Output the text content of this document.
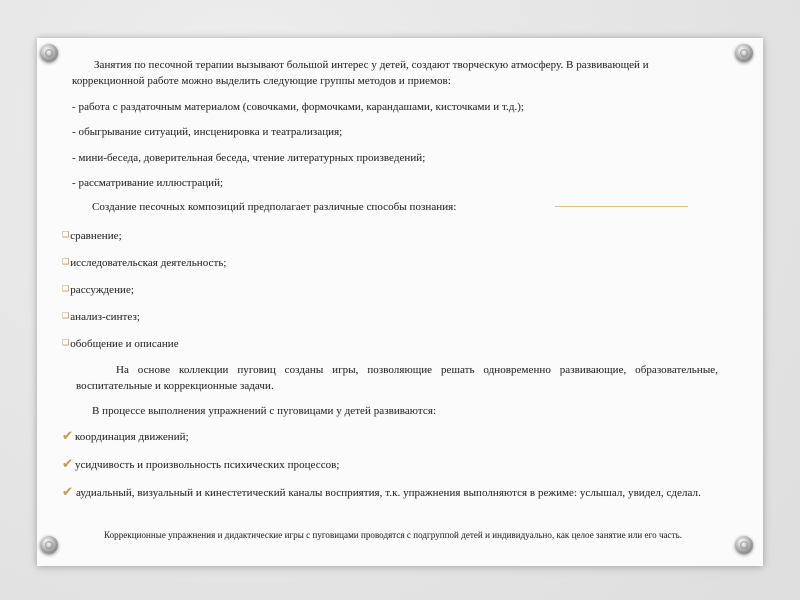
Занятия по песочной терапии вызывают большой интерес у детей, создают творческую атмосферу. В развивающей и коррекционной работе можно выделить следующие группы методов и приемов:
- работа с раздаточным материалом (совочками, формочками, карандашами, кисточками и т.д.);
- обыгрывание ситуаций, инсценировка и театрализация;
- мини-беседа, доверительная беседа, чтение литературных произведений;
- рассматривание иллюстраций;
Создание песочных композиций предполагает различные способы познания:
❑сравнение;
❑исследовательская деятельность;
❑рассуждение;
❑анализ-синтез;
❑обобщение и описание
На основе коллекции пуговиц созданы игры, позволяющие решать одновременно развивающие, образовательные, воспитательные и коррекционные задачи.
В процессе выполнения упражнений с пуговицами у детей развиваются:
✔ координация движений;
✔ усидчивость и произвольность психических процессов;
✔ аудиальный, визуальный и кинестетический каналы восприятия, т.к. упражнения выполняются в режиме: услышал, увидел, сделал.
Коррекционные упражнения и дидактические игры с пуговицами проводятся с подгруппой детей и индивидуально, как целое занятие или его часть.
